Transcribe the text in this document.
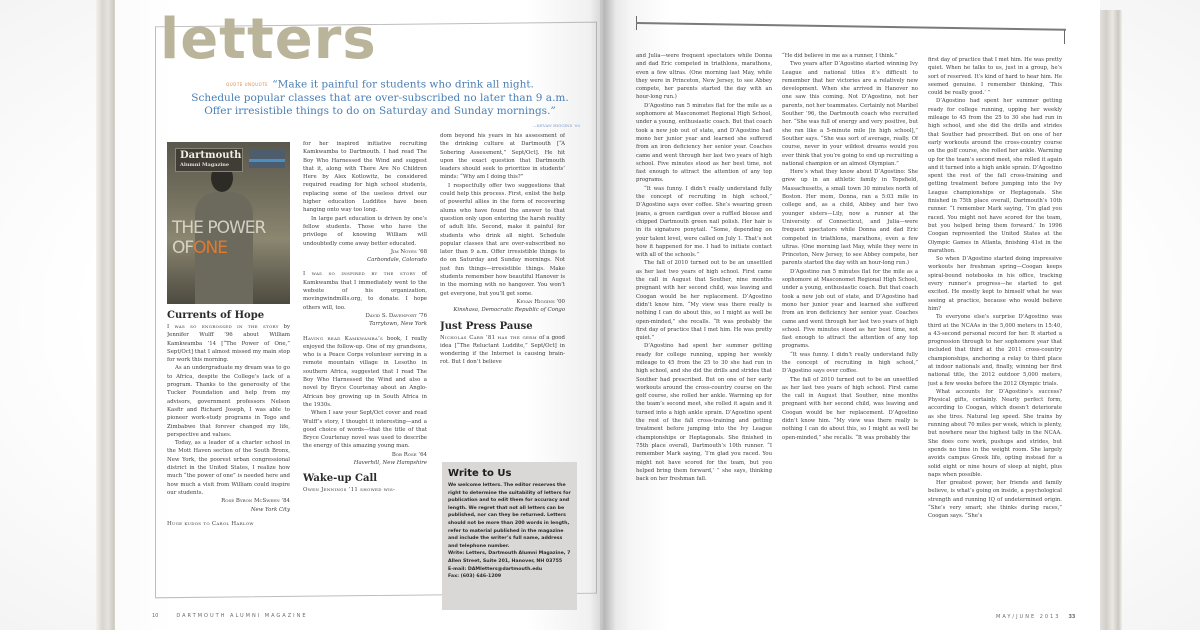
letters
QUOTE UNQUOTE “Make it painful for students who drink all night.
Schedule popular classes that are over-subscribed no later than 9 a.m.
Offer irresistible things to do on Saturday and Sunday mornings.”
—KEVAN HIGGINS ’00
Dartmouth
Alumni Magazine
THE POWER
OFONE
Currents of Hope

I was so engrossed in the story by Jennifer Wulff ’96 about William Kamkwamba ’14 [“The Power of One,” Sept/Oct] that I almost missed my main stop for work this morning.

As an undergraduate my dream was to go to Africa, despite the College’s lack of a program. Thanks to the generosity of the Tucker Foundation and help from my advisors, government professors Nelson Kasfir and Richard Joseph, I was able to pioneer work-study programs in Togo and Zimbabwe that forever changed my life, perspective and values.

Today, as a leader of a charter school in the Mott Haven section of the South Bronx, New York, the poorest urban congressional district in the United States, I realize how much “the power of one” is needed here and how much a visit from William could inspire our students.

Rose Byron McSween ’84

New York City

Huge kudos to Carol Harlow

for her inspired initiative recruiting Kamkwamba to Dartmouth. I had read The Boy Who Harnessed the Wind and suggest that it, along with There Are No Children Here by Alex Kotlowitz, be considered required reading for high school students, replacing some of the useless drivel our higher education Luddites have been hanging onto way too long.

In large part education is driven by one’s fellow students. Those who have the privilege of knowing William will undoubtedly come away better educated.

Jim Noyes ’68

Carbondale, Colorado

I was so inspired by the story of Kamkwamba that I immediately went to the website of his organization, movingwindmills.org, to donate. I hope others will, too.

David S. Davenport ’76

Tarrytown, New York

Having read Kamkwamba’s book, I really enjoyed the follow-up. One of my grandsons, who is a Peace Corps volunteer serving in a remote mountain village in Lesotho in southern Africa, suggested that I read The Boy Who Harnessed the Wind and also a novel by Bryce Courtenay about an Anglo-African boy growing up in South Africa in the 1930s.

When I saw your Sept/Oct cover and read Wulff’s story, I thought it interesting—and a good choice of words—that the title of that Bryce Courtenay novel was used to describe the energy of this amazing young man.

Bob Rose ’64

Haverhill, New Hampshire

Wake-up Call

Owen Jennings ’11 showed wis-

dom beyond his years in his assessment of the drinking culture at Dartmouth [“A Sobering Assessment,” Sept/Oct]. He hit upon the exact question that Dartmouth leaders should seek to prioritize in students’ minds: “Why am I doing this?”

I respectfully offer two suggestions that could help this process. First, enlist the help of powerful allies in the form of recovering alums who have found the answer to that question only upon entering the harsh reality of adult life. Second, make it painful for students who drink all night. Schedule popular classes that are over-subscribed no later than 9 a.m. Offer irresistible things to do on Saturday and Sunday mornings. Not just fun things—irresistible things. Make students remember how beautiful Hanover is in the morning with no hangover. You won’t get everyone, but you’ll get some.

Kevan Higgins ’00

Kinshasa, Democratic Republic of Congo

Just Press Pause

Nicholas Carr ’81 has the germ of a good idea [“The Reluctant Luddite,” Sept/Oct] in wondering if the Internet is causing brain-rot. But I don’t believe

Write to Us

We welcome letters. The editor reserves the right to determine the suitability of letters for publication and to edit them for accuracy and length. We regret that not all letters can be published, nor can they be returned. Letters should not be more than 200 words in length, refer to material published in the magazine and include the writer’s full name, address and telephone number.

Write: Letters, Dartmouth Alumni Magazine, 7 Allen Street, Suite 201, Hanover, NH 03755

E-mail: DAMletters@dartmouth.edu

Fax: (603) 646-1209

10	DARTMOUTH ALUMNI MAGAZINE

and Julia—were frequent spectators while Donna and dad Eric competed in triathlons, marathons, even a few ultras. (One morning last May, while they were in Princeton, New Jersey, to see Abbey compete, her parents started the day with an hour-long run.)

D’Agostino ran 5 minutes flat for the mile as a sophomore at Masconomet Regional High School, under a young, enthusiastic coach. But that coach took a new job out of state, and D’Agostino had mono her junior year and learned she suffered from an iron deficiency her senior year. Coaches came and went through her last two years of high school. Five minutes stood as her best time, not fast enough to attract the attention of any top programs.

“It was funny. I didn’t really understand fully the concept of recruiting in high school,” D’Agostino says over coffee. She’s wearing green jeans, a green cardigan over a ruffled blouse and chipped Dartmouth green nail polish. Her hair is in its signature ponytail. “Some, depending on your talent level, were called on July 1. That’s not how it happened for me. I had to initiate contact with all of the schools.”

The fall of 2010 turned out to be an unsettled as her last two years of high school. First came the call in August that Souther, nine months pregnant with her second child, was leaving and Coogan would be her replacement. D’Agostino didn’t know him. “My view was there really is nothing I can do about this, so I might as well be open-minded,” she recalls. “It was probably the first day of practice that I met him. He was pretty quiet.”

D’Agostino had spent her summer getting ready for college running, upping her weekly mileage to 45 from the 25 to 30 she had run in high school, and she did the drills and strides that Souther had prescribed. But on one of her early workouts around the cross-country course on the golf course, she rolled her ankle. Warming up for the team’s second meet, she rolled it again and it turned into a high ankle sprain. D’Agostino spent the rest of the fall cross-training and getting treatment before jumping into the Ivy League championships or Heptagonals. She finished in 75th place overall, Dartmouth’s 10th runner. “I remember Mark saying, ‘I’m glad you raced. You might not have scored for the team, but you helped bring them forward,’ ” she says, thinking back on her freshman fall.

“He did believe in me as a runner, I think.”

Two years after D’Agostino started winning Ivy League and national titles it’s difficult to remember that her victories are a relatively new development. When she arrived in Hanover no one saw this coming. Not D’Agostino, not her parents, not her teammates. Certainly not Maribel Souther ’96, the Dartmouth coach who recruited her. “She was full of energy and very positive, but she ran like a 5-minute mile [in high school],” Souther says. “She was sort of average, really. Of course, never in your wildest dreams would you ever think that you’re going to end up recruiting a national champion or an almost Olympian.”

Here’s what they know about D’Agostino: She grew up in an athletic family in Topsfield, Massachusetts, a small town 30 minutes north of Boston. Her mom, Donna, ran a 5:03 mile in college and, as a child, Abbey and her two younger sisters—Lily, now a runner at the University of Connecticut, and Julia—were frequent spectators while Donna and dad Eric competed in triathlons, marathons, even a few ultras. (One morning last May, while they were in Princeton, New Jersey, to see Abbey compete, her parents started the day with an hour-long run.)

D’Agostino ran 5 minutes flat for the mile as a sophomore at Masconomet Regional High School, under a young, enthusiastic coach. But that coach took a new job out of state, and D’Agostino had mono her junior year and learned she suffered from an iron deficiency her senior year. Coaches came and went through her last two years of high school. Five minutes stood as her best time, not fast enough to attract the attention of any top programs.

“It was funny. I didn’t really understand fully the concept of recruiting in high school,” D’Agostino says over coffee.

The fall of 2010 turned out to be an unsettled as her last two years of high school. First came the call in August that Souther, nine months pregnant with her second child, was leaving and Coogan would be her replacement. D’Agostino didn’t know him. “My view was there really is nothing I can do about this, so I might as well be open-minded,” she recalls. “It was probably the

first day of practice that I met him. He was pretty quiet. When he talks to us, just in a group, he’s sort of reserved. It’s kind of hard to hear him. He seemed genuine. I remember thinking, ‘This could be really good.’ ”

D’Agostino had spent her summer getting ready for college running, upping her weekly mileage to 45 from the 25 to 30 she had run in high school, and she did the drills and strides that Souther had prescribed. But on one of her early workouts around the cross-country course on the golf course, she rolled her ankle. Warming up for the team’s second meet, she rolled it again and it turned into a high ankle sprain. D’Agostino spent the rest of the fall cross-training and getting treatment before jumping into the Ivy League championships or Heptagonals. She finished in 75th place overall, Dartmouth’s 10th runner. “I remember Mark saying, ‘I’m glad you raced. You might not have scored for the team, but you helped bring them forward.’ In 1996 Coogan represented the United States at the Olympic Games in Atlanta, finishing 41st in the marathon.

So when D’Agostino started doing impressive workouts her freshman spring—Coogan keeps spiral-bound notebooks in his office, tracking every runner’s progress—he started to get excited. He mostly kept to himself what he was seeing at practice, because who would believe him?

To everyone else’s surprise D’Agostino was third at the NCAAs in the 5,000 meters in 15:40, a 43-second personal record for her. It started a progression through to her sophomore year that included that third at the 2011 cross-country championships, anchoring a relay to third place at indoor nationals and, finally, winning her first national title, the 2012 outdoor 5,000 meters, just a few weeks before the 2012 Olympic trials.

What accounts for D’Agostino’s success? Physical gifts, certainly. Nearly perfect form, according to Coogan, which doesn’t deteriorate as she tires. Natural leg speed. She trains by running about 70 miles per week, which is plenty, but nowhere near the highest tally in the NCAA. She does core work, pushups and strides, but spends no time in the weight room. She largely avoids campus Greek life, opting instead for a solid eight or nine hours of sleep at night, plus naps when possible.

Her greatest power, her friends and family believe, is what’s going on inside, a psychological strength and running IQ of undetermined origin. “She’s very smart; she thinks during races,” Coogan says. “She’s

MAY/JUNE 2013 33
